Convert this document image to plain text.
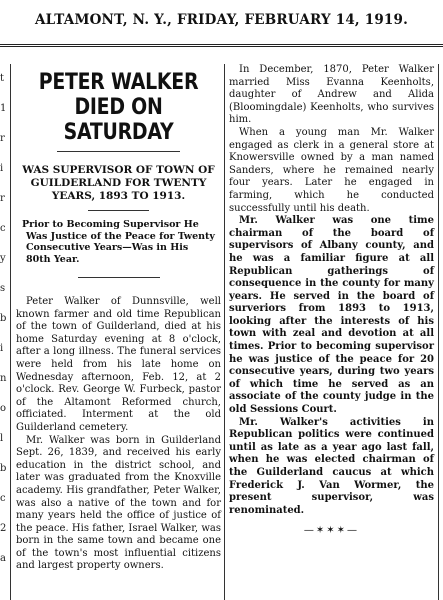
ALTAMONT, N. Y., FRIDAY, FEBRUARY 14, 1919.
t
1
r
i
r
c
y
s
b
i
n
o
l
b
c
2
a
PETER WALKER DIED ON SATURDAY
WAS SUPERVISOR OF TOWN OF GUILDERLAND FOR TWENTY YEARS, 1893 TO 1913.
Prior to Becoming Supervisor He Was Justice of the Peace for Twenty Consecutive Years—Was in His 80th Year.

Peter Walker of Dunnsville, well known farmer and old time Republican of the town of Guilderland, died at his home Saturday evening at 8 o'clock, after a long illness. The funeral services were held from his late home on Wednesday afternoon, Feb. 12, at 2 o'clock. Rev. George W. Furbeck, pastor of the Altamont Reformed church, officiated. Interment at the old Guilderland cemetery.

Mr. Walker was born in Guilderland Sept. 26, 1839, and received his early education in the district school, and later was graduated from the Knoxville academy. His grandfather, Peter Walker, was also a native of the town and for many years held the office of justice of the peace. His father, Israel Walker, was born in the same town and became one of the town's most influential citizens and largest property owners.

In December, 1870, Peter Walker married Miss Evanna Keenholts, daughter of Andrew and Alida (Bloomingdale) Keenholts, who survives him.

When a young man Mr. Walker engaged as clerk in a general store at Knowersville owned by a man named Sanders, where he remained nearly four years. Later he engaged in farming, which he conducted successfully until his death.

Mr. Walker was one time chairman of the board of supervisors of Albany county, and he was a familiar figure at all Republican gatherings of consequence in the county for many years. He served in the board of surveriors from 1893 to 1913, looking after the interests of his town with zeal and devotion at all times. Prior to becoming supervisor he was justice of the peace for 20 consecutive years, during two years of which time he served as an associate of the county judge in the old Sessions Court.

Mr. Walker's activities in Republican politics were continued until as late as a year ago last fall, when he was elected chairman of the Guilderland caucus at which Frederick J. Van Wormer, the present supervisor, was renominated.

—✶✶✶—
